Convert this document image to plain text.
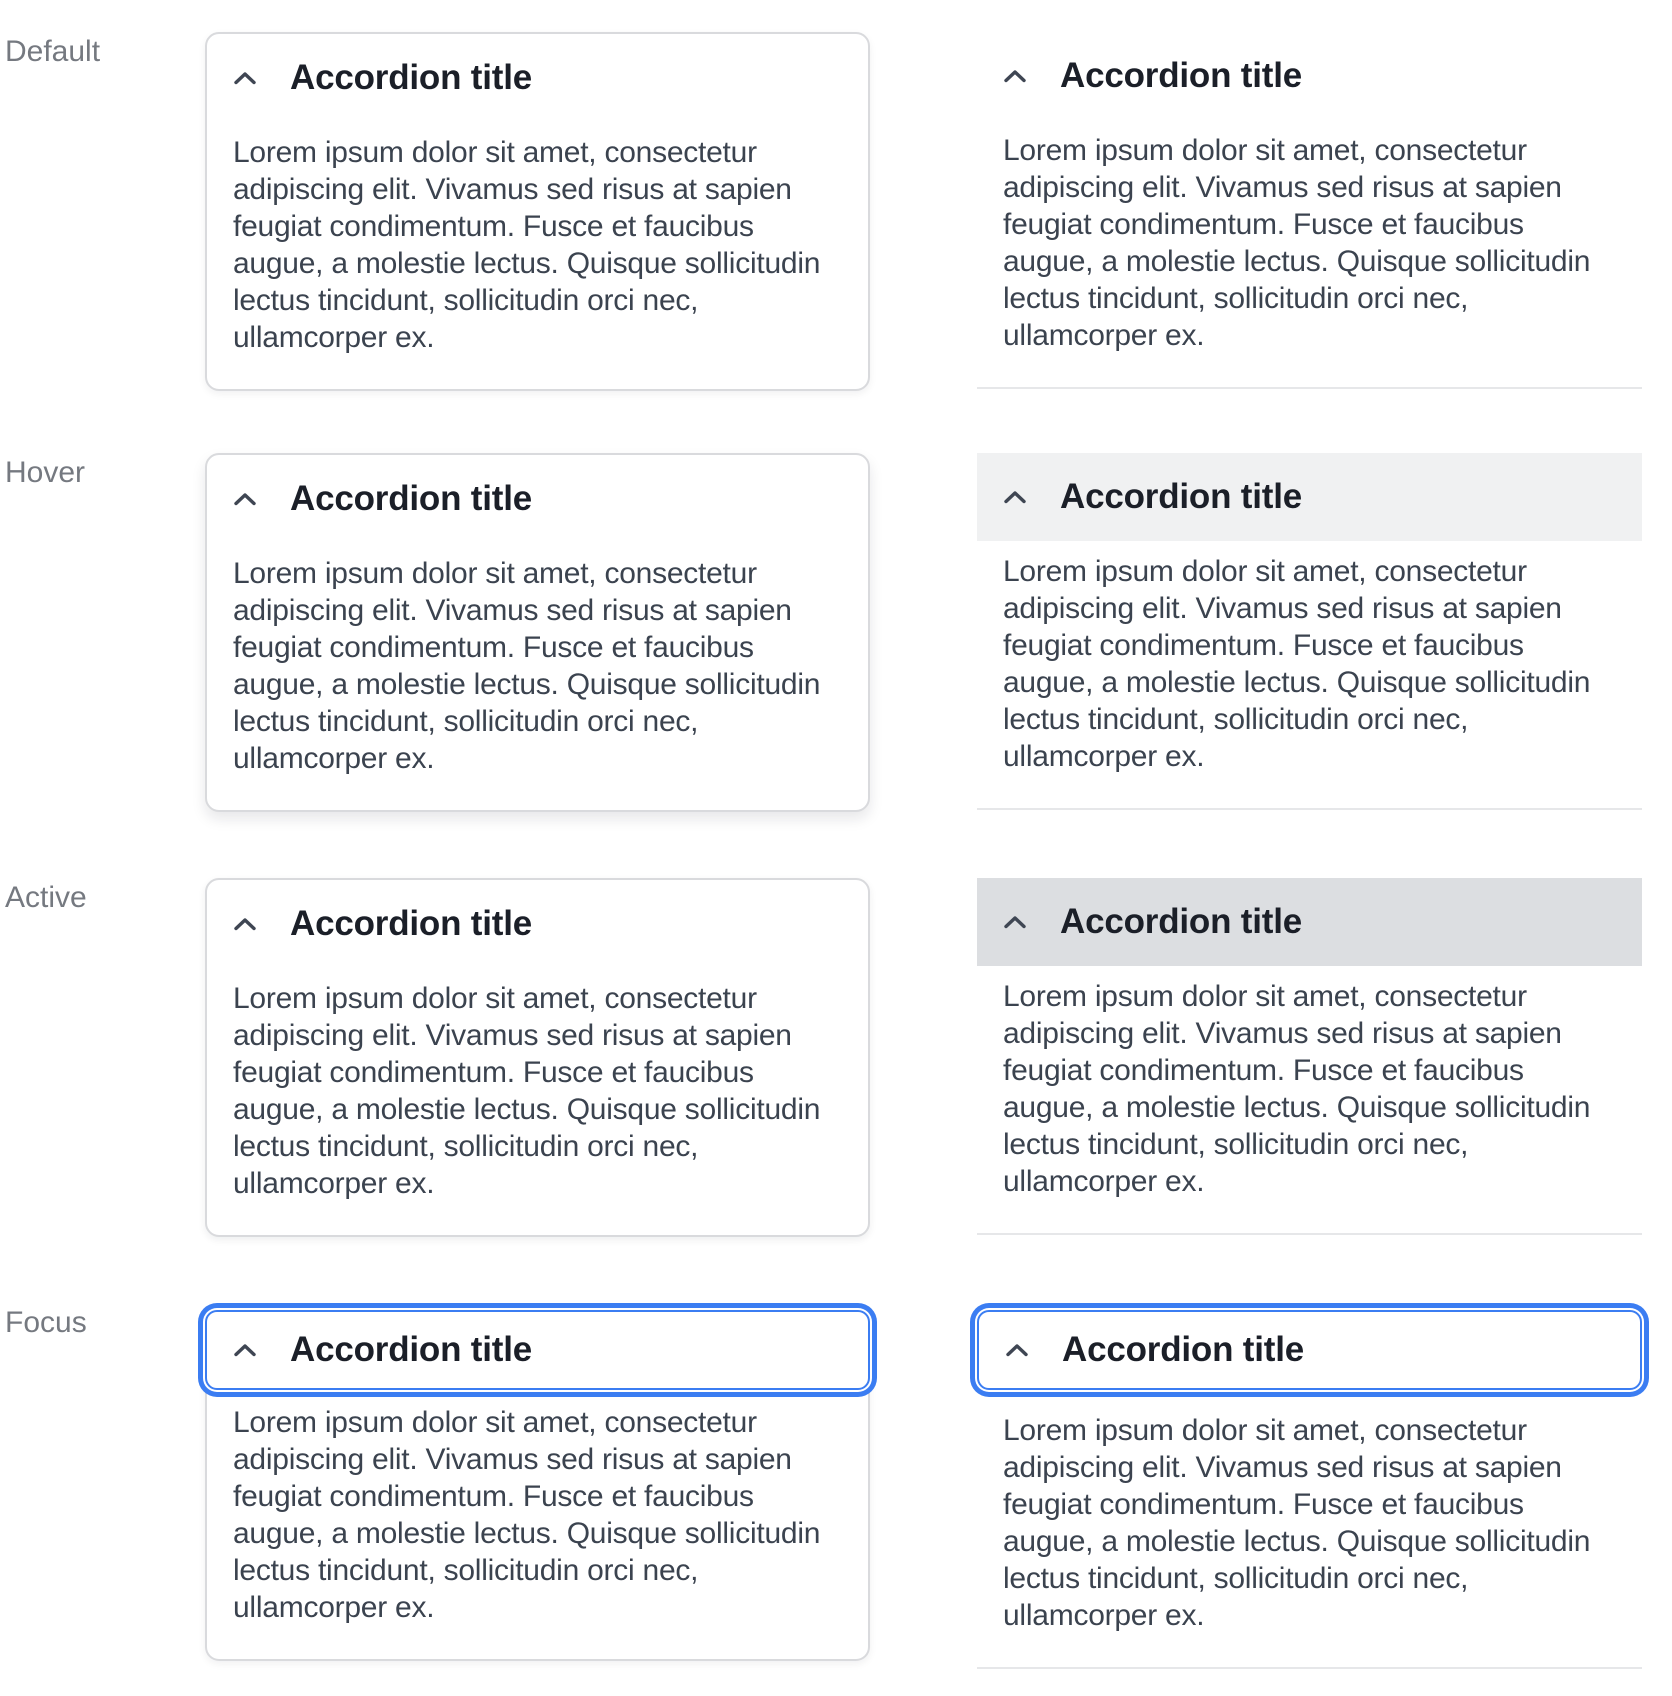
Default
Accordion title

Lorem ipsum dolor sit amet, consectetur adipiscing elit. Vivamus sed risus at sapien feugiat condimentum. Fusce et faucibus augue, a molestie lectus. Quisque sollicitudin lectus tincidunt, sollicitudin orci nec, ullamcorper ex.

Accordion title

Lorem ipsum dolor sit amet, consectetur adipiscing elit. Vivamus sed risus at sapien feugiat condimentum. Fusce et faucibus augue, a molestie lectus. Quisque sollicitudin lectus tincidunt, sollicitudin orci nec, ullamcorper ex.

Hover
Accordion title

Lorem ipsum dolor sit amet, consectetur adipiscing elit. Vivamus sed risus at sapien feugiat condimentum. Fusce et faucibus augue, a molestie lectus. Quisque sollicitudin lectus tincidunt, sollicitudin orci nec, ullamcorper ex.

Accordion title

Lorem ipsum dolor sit amet, consectetur adipiscing elit. Vivamus sed risus at sapien feugiat condimentum. Fusce et faucibus augue, a molestie lectus. Quisque sollicitudin lectus tincidunt, sollicitudin orci nec, ullamcorper ex.

Active
Accordion title

Lorem ipsum dolor sit amet, consectetur adipiscing elit. Vivamus sed risus at sapien feugiat condimentum. Fusce et faucibus augue, a molestie lectus. Quisque sollicitudin lectus tincidunt, sollicitudin orci nec, ullamcorper ex.

Accordion title

Lorem ipsum dolor sit amet, consectetur adipiscing elit. Vivamus sed risus at sapien feugiat condimentum. Fusce et faucibus augue, a molestie lectus. Quisque sollicitudin lectus tincidunt, sollicitudin orci nec, ullamcorper ex.

Focus
Accordion title

Lorem ipsum dolor sit amet, consectetur adipiscing elit. Vivamus sed risus at sapien feugiat condimentum. Fusce et faucibus augue, a molestie lectus. Quisque sollicitudin lectus tincidunt, sollicitudin orci nec, ullamcorper ex.

Accordion title

Lorem ipsum dolor sit amet, consectetur adipiscing elit. Vivamus sed risus at sapien feugiat condimentum. Fusce et faucibus augue, a molestie lectus. Quisque sollicitudin lectus tincidunt, sollicitudin orci nec, ullamcorper ex.
